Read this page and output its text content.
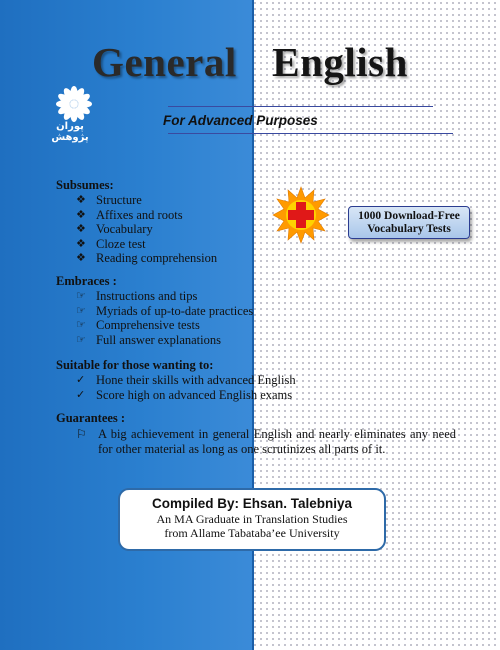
General English
For Advanced Purposes
پوران پژوهش
Subsumes:
❖ Structure
❖ Affixes and roots
❖ Vocabulary
❖ Cloze test
❖ Reading comprehension
Embraces :
☞ Instructions and tips
☞ Myriads of up-to-date practices
☞ Comprehensive tests
☞ Full answer explanations
Suitable for those wanting to:
✓ Hone their skills with advanced English
✓ Score high on advanced English exams
Guarantees :
⚐ A big achievement in general English and nearly eliminates any need for other material as long as one scrutinizes all parts of it.
1000 Download-Free
Vocabulary Tests
Compiled By: Ehsan. Talebniya
An MA Graduate in Translation Studies
from Allame Tabataba’ee University
